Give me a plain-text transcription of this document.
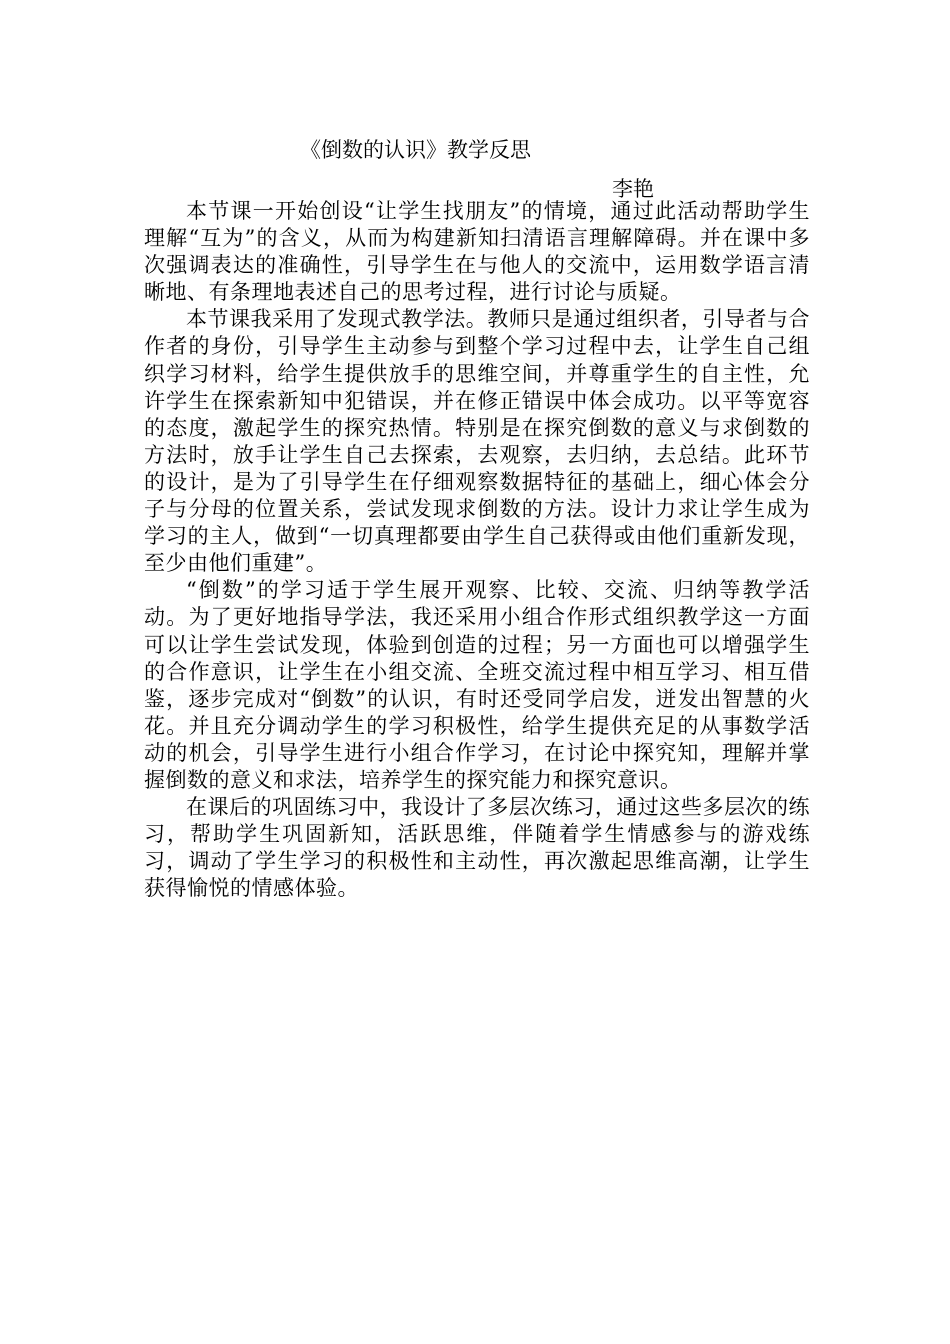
《倒数的认识》教学反思
李艳

本节课一开始创设“让学生找朋友”的情境，通过此活动帮助学生理解“互为”的含义，从而为构建新知扫清语言理解障碍。并在课中多次强调表达的准确性，引导学生在与他人的交流中，运用数学语言清晰地、有条理地表述自己的思考过程，进行讨论与质疑。

本节课我采用了发现式教学法。教师只是通过组织者，引导者与合作者的身份，引导学生主动参与到整个学习过程中去，让学生自己组织学习材料，给学生提供放手的思维空间，并尊重学生的自主性，允许学生在探索新知中犯错误，并在修正错误中体会成功。以平等宽容的态度，激起学生的探究热情。特别是在探究倒数的意义与求倒数的方法时，放手让学生自己去探索，去观察，去归纳，去总结。此环节的设计，是为了引导学生在仔细观察数据特征的基础上，细心体会分子与分母的位置关系，尝试发现求倒数的方法。设计力求让学生成为学习的主人，做到“一切真理都要由学生自己获得或由他们重新发现，至少由他们重建”。

“倒数”的学习适于学生展开观察、比较、交流、归纳等教学活动。为了更好地指导学法，我还采用小组合作形式组织教学这一方面可以让学生尝试发现，体验到创造的过程；另一方面也可以增强学生的合作意识，让学生在小组交流、全班交流过程中相互学习、相互借鉴，逐步完成对“倒数”的认识，有时还受同学启发，迸发出智慧的火花。并且充分调动学生的学习积极性，给学生提供充足的从事数学活动的机会，引导学生进行小组合作学习，在讨论中探究知，理解并掌握倒数的意义和求法，培养学生的探究能力和探究意识。

在课后的巩固练习中，我设计了多层次练习，通过这些多层次的练习，帮助学生巩固新知，活跃思维，伴随着学生情感参与的游戏练习，调动了学生学习的积极性和主动性，再次激起思维高潮，让学生获得愉悦的情感体验。
